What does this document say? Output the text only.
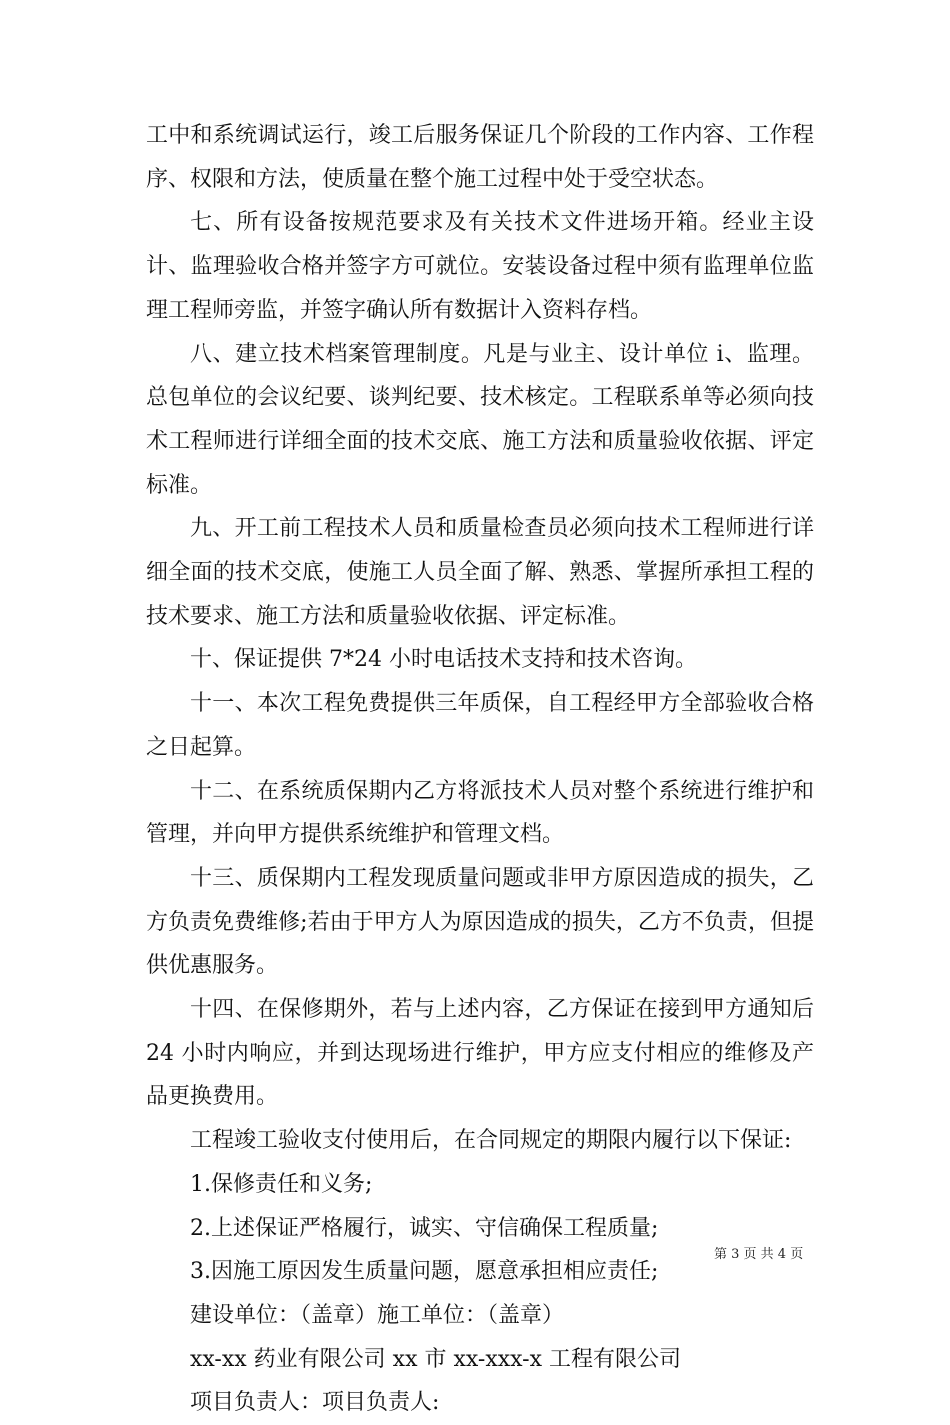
工中和系统调试运行，竣工后服务保证几个阶段的工作内容、工作程序、权限和方法，使质量在整个施工过程中处于受空状态。

七、所有设备按规范要求及有关技术文件进场开箱。经业主设计、监理验收合格并签字方可就位。安装设备过程中须有监理单位监理工程师旁监，并签字确认所有数据计入资料存档。

八、建立技术档案管理制度。凡是与业主、设计单位 i、监理。总包单位的会议纪要、谈判纪要、技术核定。工程联系单等必须向技术工程师进行详细全面的技术交底、施工方法和质量验收依据、评定标准。

九、开工前工程技术人员和质量检查员必须向技术工程师进行详细全面的技术交底，使施工人员全面了解、熟悉、掌握所承担工程的技术要求、施工方法和质量验收依据、评定标准。

十、保证提供 7*24 小时电话技术支持和技术咨询。

十一、本次工程免费提供三年质保，自工程经甲方全部验收合格之日起算。

十二、在系统质保期内乙方将派技术人员对整个系统进行维护和管理，并向甲方提供系统维护和管理文档。

十三、质保期内工程发现质量问题或非甲方原因造成的损失，乙方负责免费维修;若由于甲方人为原因造成的损失，乙方不负责，但提供优惠服务。

十四、在保修期外，若与上述内容，乙方保证在接到甲方通知后 24 小时内响应，并到达现场进行维护，甲方应支付相应的维修及产品更换费用。

工程竣工验收支付使用后，在合同规定的期限内履行以下保证:

1.保修责任和义务;

2.上述保证严格履行，诚实、守信确保工程质量;

3.因施工原因发生质量问题，愿意承担相应责任;

建设单位：（盖章）施工单位：（盖章）

xx-xx 药业有限公司 xx 市 xx-xxx-x 工程有限公司

项目负责人：项目负责人:

第 3 页 共 4 页
